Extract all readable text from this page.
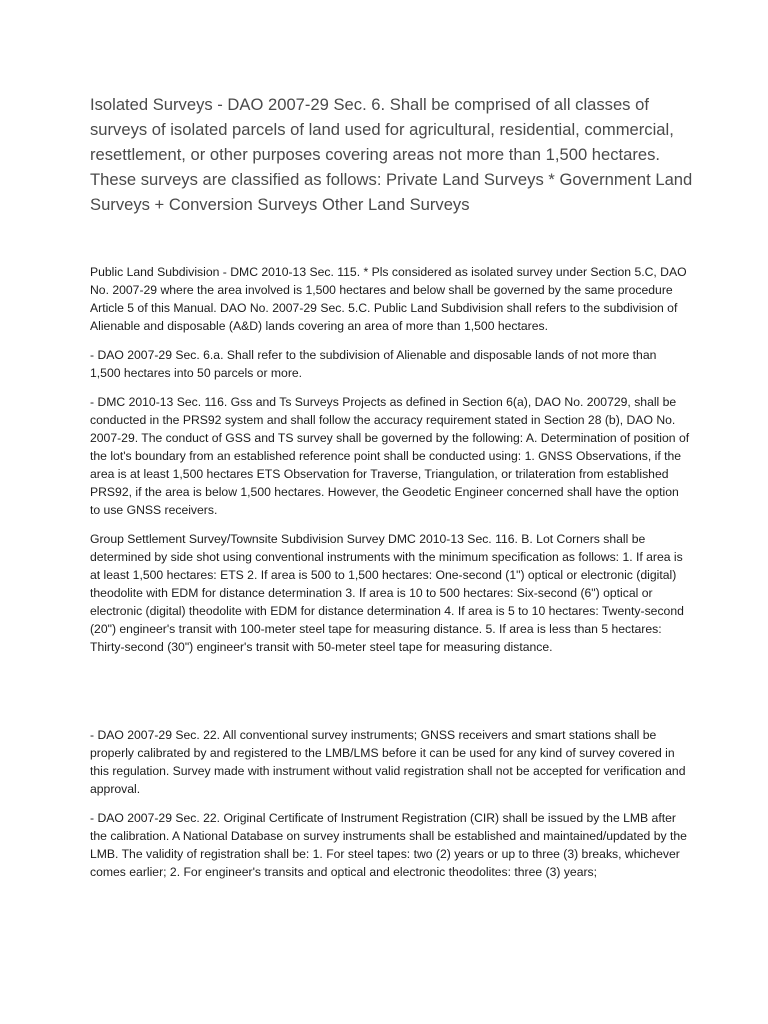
Isolated Surveys - DAO 2007-29 Sec. 6. Shall be comprised of all classes of surveys of isolated parcels of land used for agricultural, residential, commercial, resettlement, or other purposes covering areas not more than 1,500 hectares. These surveys are classified as follows: Private Land Surveys * Government Land Surveys + Conversion Surveys Other Land Surveys

Public Land Subdivision - DMC 2010-13 Sec. 115. * Pls considered as isolated survey under Section 5.C, DAO No. 2007-29 where the area involved is 1,500 hectares and below shall be governed by the same procedure Article 5 of this Manual. DAO No. 2007-29 Sec. 5.C. Public Land Subdivision shall refers to the subdivision of Alienable and disposable (A&D) lands covering an area of more than 1,500 hectares.

- DAO 2007-29 Sec. 6.a. Shall refer to the subdivision of Alienable and disposable lands of not more than 1,500 hectares into 50 parcels or more.

- DMC 2010-13 Sec. 116. Gss and Ts Surveys Projects as defined in Section 6(a), DAO No. 200729, shall be conducted in the PRS92 system and shall follow the accuracy requirement stated in Section 28 (b), DAO No. 2007-29. The conduct of GSS and TS survey shall be governed by the following: A. Determination of position of the lot's boundary from an established reference point shall be conducted using: 1. GNSS Observations, if the area is at least 1,500 hectares ETS Observation for Traverse, Triangulation, or trilateration from established PRS92, if the area is below 1,500 hectares. However, the Geodetic Engineer concerned shall have the option to use GNSS receivers.

Group Settlement Survey/Townsite Subdivision Survey DMC 2010-13 Sec. 116. B. Lot Corners shall be determined by side shot using conventional instruments with the minimum specification as follows: 1. If area is at least 1,500 hectares: ETS 2. If area is 500 to 1,500 hectares: One-second (1") optical or electronic (digital) theodolite with EDM for distance determination 3. If area is 10 to 500 hectares: Six-second (6") optical or electronic (digital) theodolite with EDM for distance determination 4. If area is 5 to 10 hectares: Twenty-second (20") engineer's transit with 100-meter steel tape for measuring distance. 5. If area is less than 5 hectares: Thirty-second (30") engineer's transit with 50-meter steel tape for measuring distance.

- DAO 2007-29 Sec. 22. All conventional survey instruments; GNSS receivers and smart stations shall be properly calibrated by and registered to the LMB/LMS before it can be used for any kind of survey covered in this regulation. Survey made with instrument without valid registration shall not be accepted for verification and approval.

- DAO 2007-29 Sec. 22. Original Certificate of Instrument Registration (CIR) shall be issued by the LMB after the calibration. A National Database on survey instruments shall be established and maintained/updated by the LMB. The validity of registration shall be: 1. For steel tapes: two (2) years or up to three (3) breaks, whichever comes earlier; 2. For engineer's transits and optical and electronic theodolites: three (3) years;
